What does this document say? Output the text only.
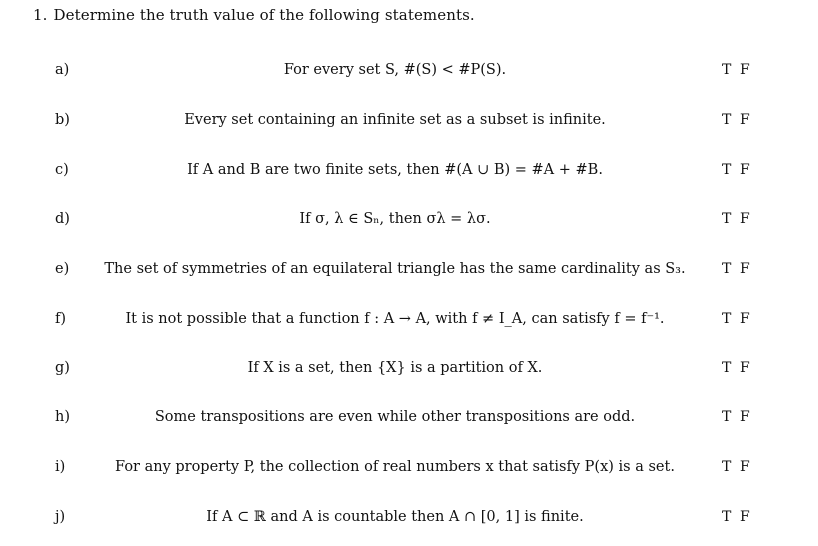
1. Determine the truth value of the following statements.
a)	For every set S, #(S) < #P(S).	T F
b)	Every set containing an infinite set as a subset is infinite.	T F
c)	If A and B are two finite sets, then #(A ∪ B) = #A + #B.	T F
d)	If σ, λ ∈ Sₙ, then σλ = λσ.	T F
e)	The set of symmetries of an equilateral triangle has the same cardinality as S₃.	T F
f)	It is not possible that a function f : A → A, with f ≠ I_A, can satisfy f = f⁻¹.	T F
g)	If X is a set, then {X} is a partition of X.	T F
h)	Some transpositions are even while other transpositions are odd.	T F
i)	For any property P, the collection of real numbers x that satisfy P(x) is a set.	T F
j)	If A ⊂ ℝ and A is countable then A ∩ [0, 1] is finite.	T F
